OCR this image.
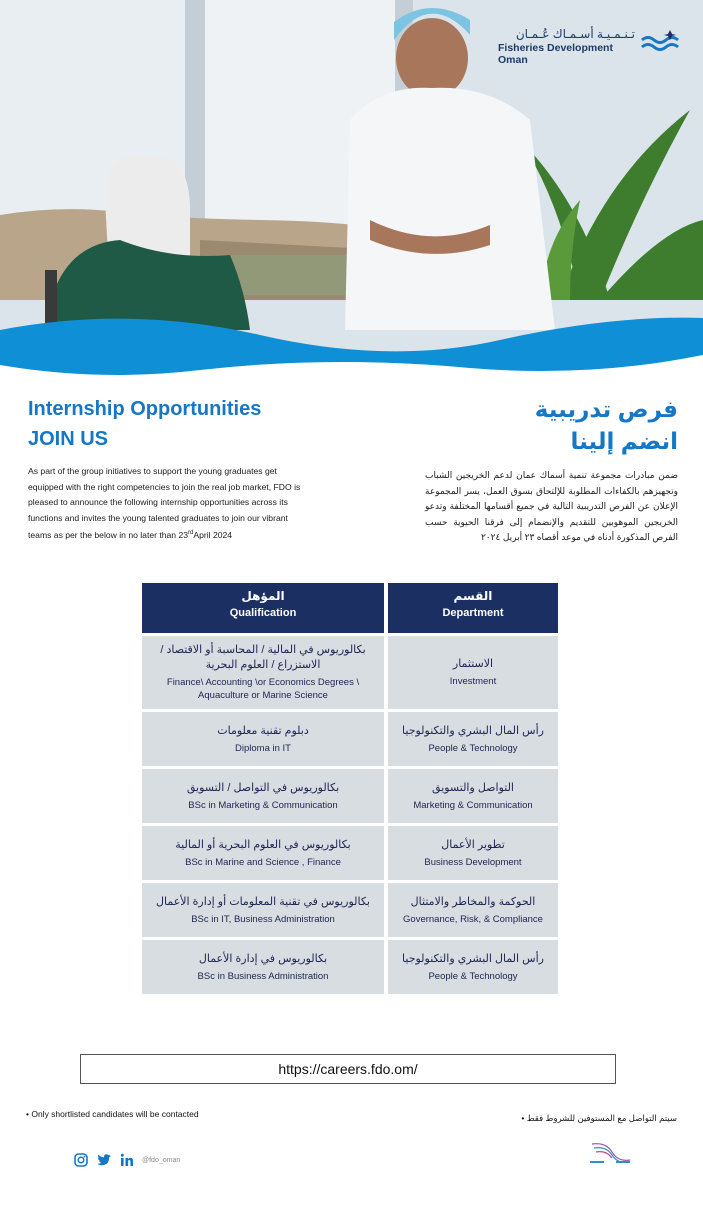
تـنـمـيـة أسـمـاك عُـمـان
Fisheries Development Oman
Internship Opportunities
JOIN US
فرص تدريبية
انضم إلينا
As part of the group initiatives to support the young graduates get equipped with the right competencies to join the real job market, FDO is pleased to announce the following internship opportunities across its functions and invites the young talented graduates to join our vibrant teams as per the below in no later than 23rdApril 2024
ضمن مبادرات مجموعة تنمية أسماك عمان لدعم الخريجين الشباب وتجهيزهم بالكفاءات المطلوبة للإلتحاق بسوق العمل، يسر المجموعة الإعلان عن الفرص التدريبية التالية في جميع أقسامها المختلفة وتدعو الخريجين الموهوبين للتقديم والإنضمام إلى فرقنا الحيوية حسب الفرص المذكورة أدناه في موعد أقصاه ٢٣ أبريل ٢٠٢٤
المؤهل
Qualification
القسم
Department
بكالوريوس في المالية / المحاسبة أو الاقتصاد / الاستزراع / العلوم البحرية
Finance\ Accounting \or Economics Degrees \ Aquaculture or Marine Science
الاستثمار
Investment
دبلوم تقنية معلومات
Diploma in IT
رأس المال البشري والتكنولوجيا
People & Technology
بكالوريوس في التواصل / التسويق
BSc in Marketing & Communication
التواصل والتسويق
Marketing & Communication
بكالوريوس في العلوم البحرية أو المالية
BSc in Marine and Science , Finance
تطوير الأعمال
Business Development
بكالوريوس في تقنية المعلومات أو إدارة الأعمال
BSc in IT, Business Administration
الحوكمة والمخاطر والامتثال
Governance, Risk, & Compliance
بكالوريوس في إدارة الأعمال
BSc in Business Administration
رأس المال البشري والتكنولوجيا
People & Technology
https://careers.fdo.om/
• Only shortlisted candidates will be contacted	سيتم التواصل مع المستوفين للشروط فقط •
@fdo_oman
